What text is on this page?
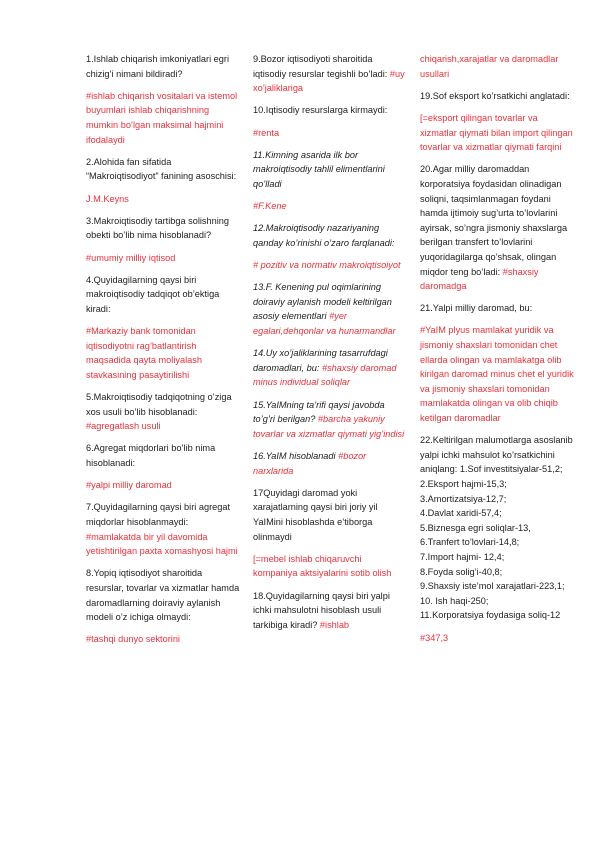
1.Ishlab chiqarish imkoniyatlari egri chizig’i nimani bildiradi?

#ishlab chiqarish vositalari va istemol buyumlari ishlab chiqarishning mumkin bo’lgan maksimal hajmini ifodalaydi

2.Alohida fan sifatida “Makroiqtisodiyot” fanining asoschisi:

J.M.Keyns

3.Makroiqtisodiy tartibga solishning obekti bo’lib nima hisoblanadi?

#umumiy milliy iqtisod

4.Quyidagilarning qaysi biri makroiqtisodiy tadqiqot ob’ektiga kiradi:

#Markaziy bank tomonidan iqtisodiyotni rag’batlantirish maqsadida qayta moliyalash stavkasining pasaytirilishi

5.Makroiqtisodiy tadqiqotning o’ziga xos usuli bo’lib hisoblanadi: #agregatlash usuli

6.Agregat miqdorlari bo’lib nima hisoblanadi:

#yalpi milliy daromad

7.Quyidagilarning qaysi biri agregat miqdorlar hisoblanmaydi: #mamlakatda bir yil davomida yetishtirilgan paxta xomashyosi hajmi

8.Yopiq iqtisodiyot sharoitida resurslar, tovarlar va xizmatlar hamda daromadlarning doiraviy aylanish modeli o’z ichiga olmaydi:

#tashqi dunyo sektorini

9.Bozor iqtisodiyoti sharoitida iqtisodiy resurslar tegishli bo’ladi: #uy xo’jaliklariga

10.Iqtisodiy resurslarga kirmaydi:

#renta

11.Kimning asarida ilk bor makroiqtisodiy tahlil elimentlarini qo’lladi

#F.Kene

12.Makroiqtisodiy nazariyaning qanday ko’rinishi o’zaro farqlanadi:

# pozitiv va normativ makroiqtisoiyot

13.F. Kenening pul oqimlarining doiraviy aylanish modeli keltirilgan asosiy elementlari #yer egalari,dehqonlar va hunarmandlar

14.Uy xo’jaliklarining tasarrufdagi daromadlari, bu: #shaxsiy daromad minus individual soliqlar

15.YaIMning ta’rifi qaysi javobda to’g’ri berilgan? #barcha yakuniy tovarlar va xizmatlar qiymati yig’indisi

16.YaIM hisoblanadi #bozor narxlarida

17Quyidagi daromad yoki xarajatlarning qaysi biri joriy yil YaIMini hisoblashda e’tiborga olinmaydi

[=mebel ishlab chiqaruvchi kompaniya aktsiyalarini sotib olish

18.Quyidagilarning qaysi biri yalpi ichki mahsulotni hisoblash usuli tarkibiga kiradi? #ishlab

chiqarish,xarajatlar va daromadlar usullari

19.Sof eksport ko’rsatkichi anglatadi:

[=eksport qilingan tovarlar va xizmatlar qiymati bilan import qilingan tovarlar va xizmatlar qiymati farqini

20.Agar milliy daromaddan korporatsiya foydasidan olinadigan soliqni, taqsimlanmagan foydani hamda ijtimoiy sug’urta to’lovlarini ayirsak, so’ngra jismoniy shaxslarga berilgan transfert to’lovlarini yuqoridagilarga qo’shsak, olingan miqdor teng bo’ladi: #shaxsiy daromadga

21.Yalpi milliy daromad, bu:

#YaIM plyus mamlakat yuridik va jismoniy shaxslari tomonidan chet ellarda olingan va mamlakatga olib kirilgan daromad minus chet el yuridik va jismoniy shaxslari tomonidan mamlakatda olingan va olib chiqib ketilgan daromadlar

22.Keltirilgan malumotlarga asoslanib yalpi ichki mahsulot ko’rsatkichini aniqlang: 1.Sof investitsiyalar-51,2;
2.Eksport hajmi-15,3;
3.Amortizatsiya-12,7;
4.Davlat xaridi-57,4;
5.Biznesga egri soliqlar-13,
6.Tranfert to’lovlari-14,8;
7.Import hajmi- 12,4;
8.Foyda solig’i-40,8;
9.Shaxsiy iste’mol xarajatlari-223,1; 10. Ish haqi-250;
11.Korporatsiya foydasiga soliq-12

#347,3
